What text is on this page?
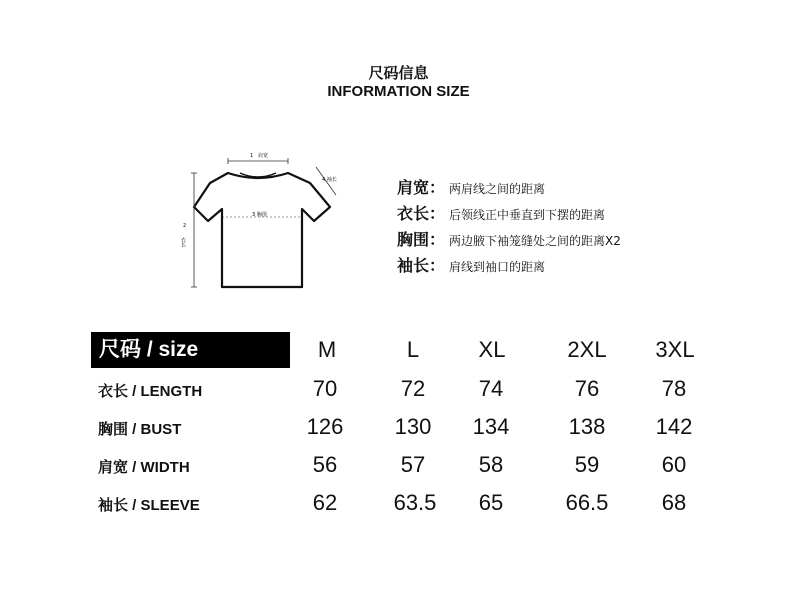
尺码信息
INFORMATION SIZE
1 肩宽
2
衣长
3 胸围
4 袖长	肩宽： 两肩线之间的距离
衣长： 后领线正中垂直到下摆的距离
胸围： 两边腋下袖笼缝处之间的距离X2
袖长： 肩线到袖口的距离
尺码 / size	M	L	XL	2XL	3XL
衣长 / LENGTH	70	72	74	76	78
胸围 / BUST	126	130	134	138	142
肩宽 / WIDTH	56	57	58	59	60
袖长 / SLEEVE	62	63.5	65	66.5	68
